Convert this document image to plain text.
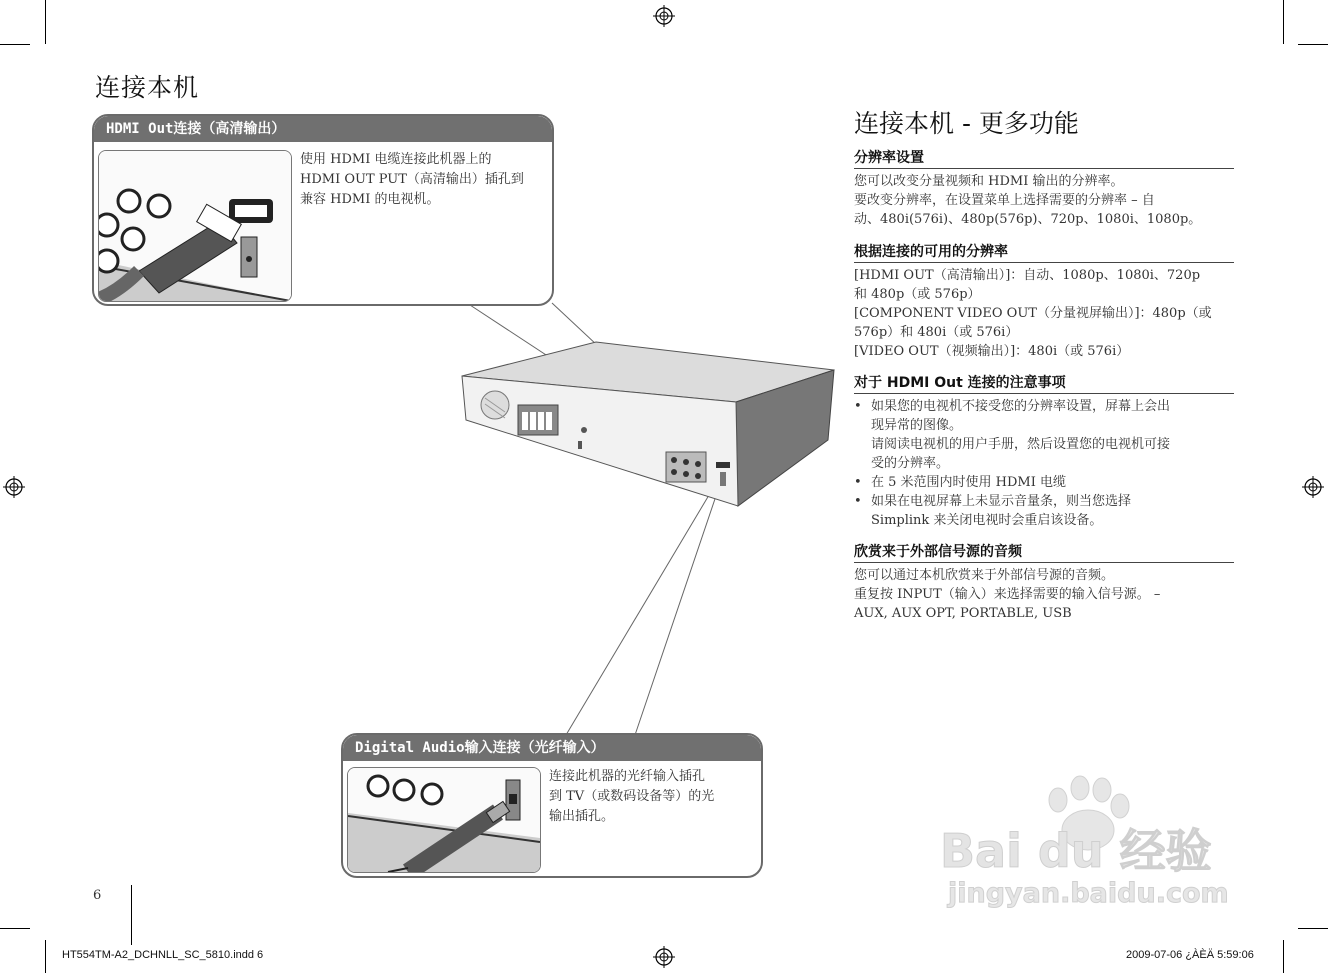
连接本机
HDMI Out连接（高清输出）
使用 HDMI 电缆连接此机器上的
HDMI OUT PUT（高清输出）插孔到
兼容 HDMI 的电视机。
Digital Audio输入连接（光纤输入）
连接此机器的光纤输入插孔
到 TV（或数码设备等）的光
输出插孔。
连接本机 - 更多功能
分辨率设置
您可以改变分量视频和 HDMI 输出的分辨率。
要改变分辨率，在设置菜单上选择需要的分辨率 – 自
动、480i(576i)、480p(576p)、720p、1080i、1080p。
根据连接的可用的分辨率
[HDMI OUT（高清输出）]：自动、1080p、1080i、720p
和 480p（或 576p）
[COMPONENT VIDEO OUT（分量视屏输出）]：480p（或
576p）和 480i（或 576i）
[VIDEO OUT（视频输出）]：480i（或 576i）
对于 HDMI Out 连接的注意事项
• 如果您的电视机不接受您的分辨率设置，屏幕上会出
现异常的图像。
请阅读电视机的用户手册，然后设置您的电视机可接
受的分辨率。
• 在 5 米范围内时使用 HDMI 电缆
• 如果在电视屏幕上未显示音量条，则当您选择
Simplink 来关闭电视时会重启该设备。
欣赏来于外部信号源的音频
您可以通过本机欣赏来于外部信号源的音频。
重复按 INPUT（输入）来选择需要的输入信号源。 –
AUX, AUX OPT, PORTABLE, USB
Bai du 经验
jingyan.baidu.com
6
HT554TM-A2_DCHNLL_SC_5810.indd 6	2009-07-06 ¿ÀÈÄ 5:59:06
